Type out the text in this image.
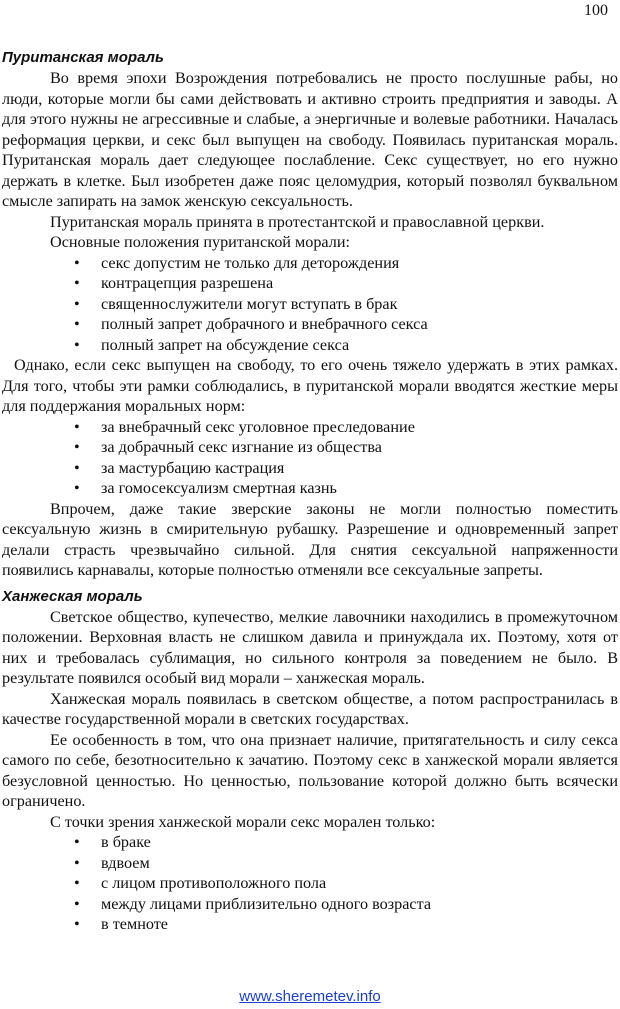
100
Пуританская мораль

Во время эпохи Возрождения потребовались не просто послушные рабы, но люди, которые могли бы сами действовать и активно строить предприятия и заводы. А для этого нужны не агрессивные и слабые, а энергичные и волевые работники. Началась реформация церкви, и секс был выпущен на свободу. Появилась пуританская мораль. Пуританская мораль дает следующее послабление. Секс существует, но его нужно держать в клетке. Был изобретен даже пояс целомудрия, который позволял буквальном смысле запирать на замок женскую сексуальность.

Пуританская мораль принята в протестантской и православной церкви.

Основные положения пуританской морали:

• секс допустим не только для деторождения
• контрацепция разрешена
• священнослужители могут вступать в брак
• полный запрет добрачного и внебрачного секса
• полный запрет на обсуждение секса

Однако, если секс выпущен на свободу, то его очень тяжело удержать в этих рамках. Для того, чтобы эти рамки соблюдались, в пуританской морали вводятся жесткие меры для поддержания моральных норм:

• за внебрачный секс уголовное преследование
• за добрачный секс изгнание из общества
• за мастурбацию кастрация
• за гомосексуализм смертная казнь

Впрочем, даже такие зверские законы не могли полностью поместить сексуальную жизнь в смирительную рубашку. Разрешение и одновременный запрет делали страсть чрезвычайно сильной. Для снятия сексуальной напряженности появились карнавалы, которые полностью отменяли все сексуальные запреты.

Ханжеская мораль

Светское общество, купечество, мелкие лавочники находились в промежуточном положении. Верховная власть не слишком давила и принуждала их. Поэтому, хотя от них и требовалась сублимация, но сильного контроля за поведением не было. В результате появился особый вид морали – ханжеская мораль.

Ханжеская мораль появилась в светском обществе, а потом распространилась в качестве государственной морали в светских государствах.

Ее особенность в том, что она признает наличие, притягательность и силу секса самого по себе, безотносительно к зачатию. Поэтому секс в ханжеской морали является безусловной ценностью. Но ценностью, пользование которой должно быть всячески ограничено.

С точки зрения ханжеской морали секс морален только:

• в браке
• вдвоем
• с лицом противоположного пола
• между лицами приблизительно одного возраста
• в темноте
www.sheremetev.info
